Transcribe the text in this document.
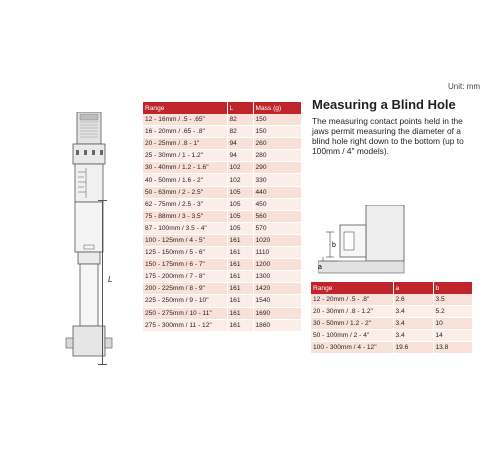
Unit: mm
L
Range	L	Mass (g)
12 - 16mm / .5 - .65"	82	150
16 - 20mm / .65 - .8"	82	150
20 - 25mm / .8 - 1"	94	260
25 - 30mm / 1 - 1.2"	94	280
30 - 40mm / 1.2 - 1.6"	102	290
40 - 50mm / 1.6 - 2"	102	330
50 - 63mm / 2 - 2.5"	105	440
62 - 75mm / 2.5 - 3"	105	450
75 - 88mm / 3 - 3.5"	105	560
87 - 100mm / 3.5 - 4"	105	570
100 - 125mm / 4 - 5"	161	1020
125 - 150mm / 5 - 6"	161	1110
150 - 175mm / 6 - 7"	161	1200
175 - 200mm / 7 - 8"	161	1300
200 - 225mm / 8 - 9"	161	1420
225 - 250mm / 9 - 10"	161	1540
250 - 275mm / 10 - 11"	161	1690
275 - 300mm / 11 - 12"	161	1860
Measuring a Blind Hole
The measuring contact points held in the jaws permit measuring the diameter of a blind hole right down to the bottom (up to 100mm / 4" models).
b
a
Range	a	b
12 - 20mm / .5 - .8"	2.6	3.5
20 - 30mm / .8 - 1.2"	3.4	5.2
30 - 50mm / 1.2 - 2"	3.4	10
50 - 100mm / 2 - 4"	3.4	14
100 - 300mm / 4 - 12"	19.6	13.8
